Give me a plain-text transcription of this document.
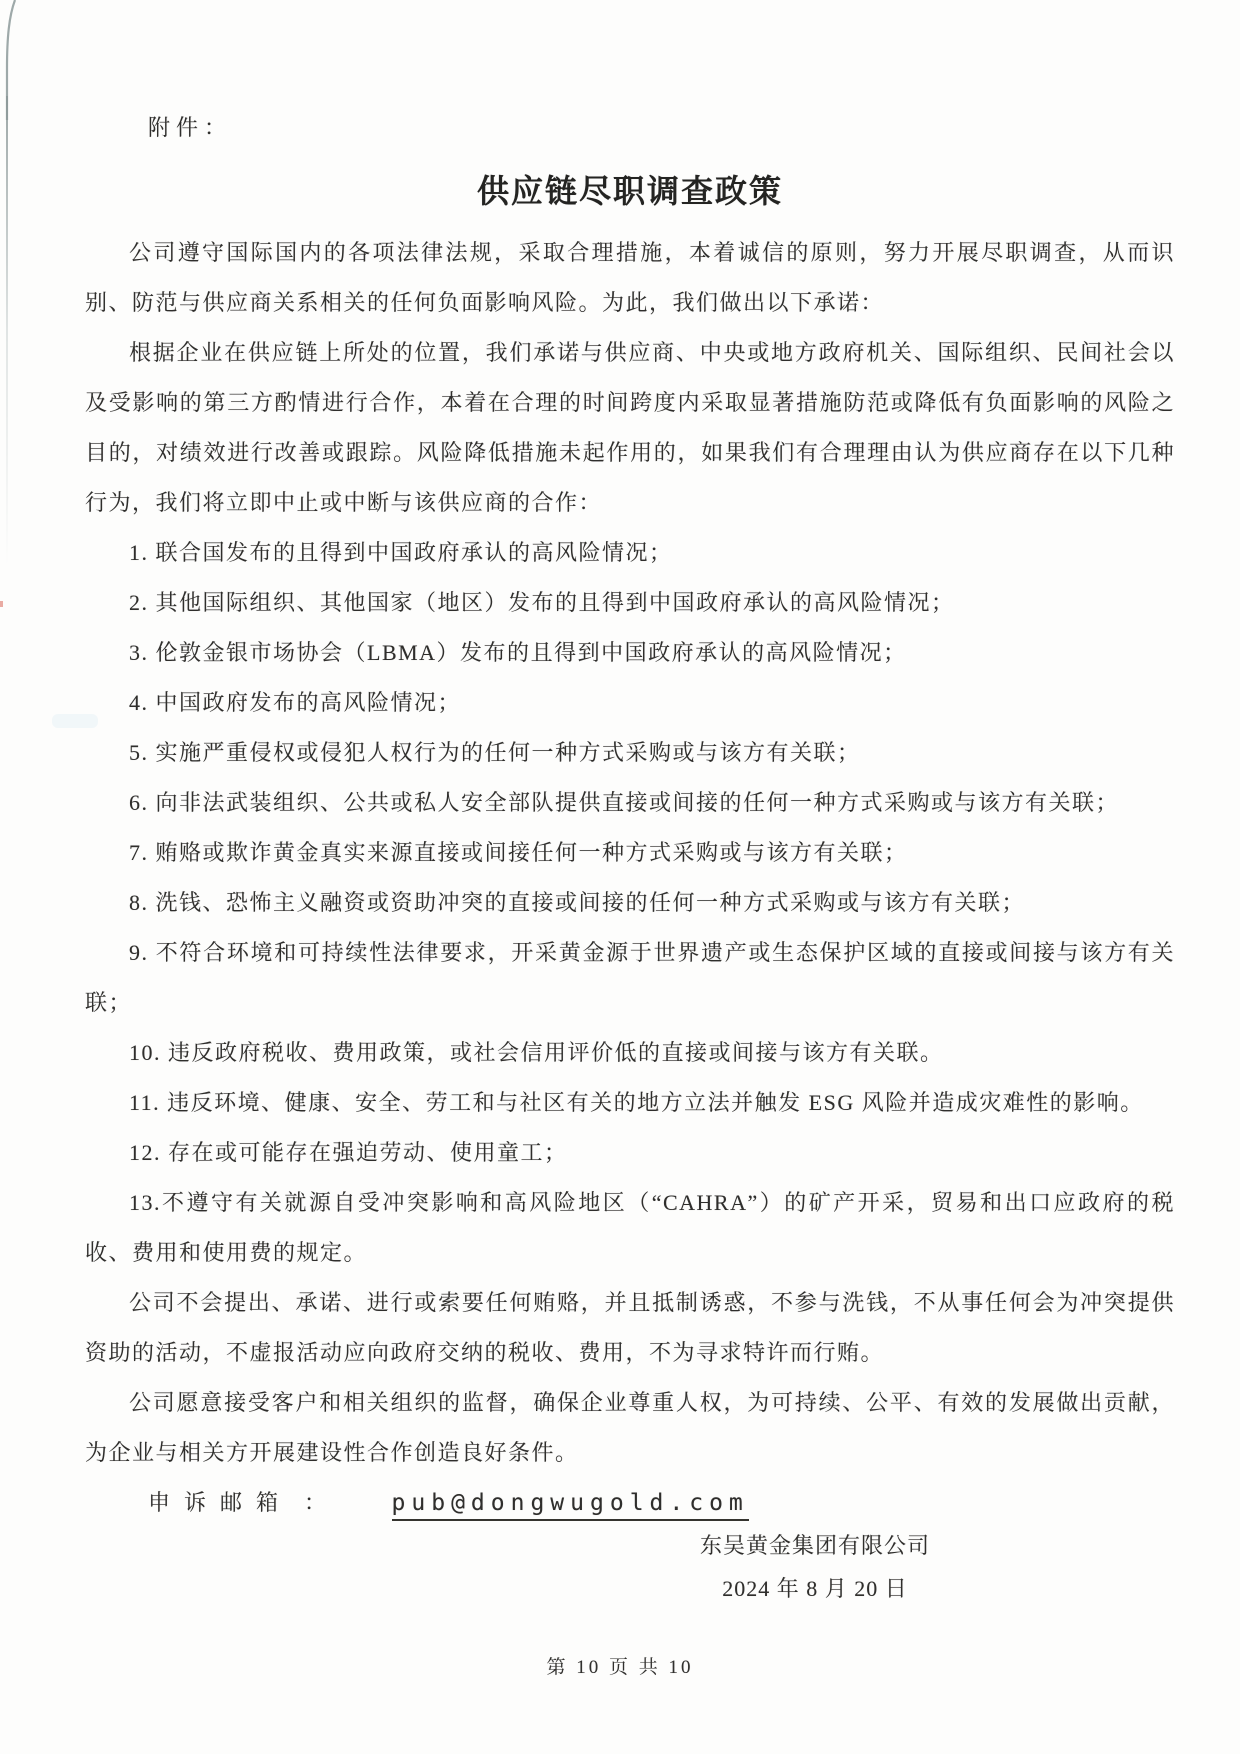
附件：
供应链尽职调查政策

公司遵守国际国内的各项法律法规，采取合理措施，本着诚信的原则，努力开展尽职调查，从而识别、防范与供应商关系相关的任何负面影响风险。为此，我们做出以下承诺：

根据企业在供应链上所处的位置，我们承诺与供应商、中央或地方政府机关、国际组织、民间社会以及受影响的第三方酌情进行合作，本着在合理的时间跨度内采取显著措施防范或降低有负面影响的风险之目的，对绩效进行改善或跟踪。风险降低措施未起作用的，如果我们有合理理由认为供应商存在以下几种行为，我们将立即中止或中断与该供应商的合作：

1. 联合国发布的且得到中国政府承认的高风险情况；

2. 其他国际组织、其他国家（地区）发布的且得到中国政府承认的高风险情况；

3. 伦敦金银市场协会（LBMA）发布的且得到中国政府承认的高风险情况；

4. 中国政府发布的高风险情况；

5. 实施严重侵权或侵犯人权行为的任何一种方式采购或与该方有关联；

6. 向非法武装组织、公共或私人安全部队提供直接或间接的任何一种方式采购或与该方有关联；

7. 贿赂或欺诈黄金真实来源直接或间接任何一种方式采购或与该方有关联；

8. 洗钱、恐怖主义融资或资助冲突的直接或间接的任何一种方式采购或与该方有关联；

9. 不符合环境和可持续性法律要求，开采黄金源于世界遗产或生态保护区域的直接或间接与该方有关联；

10. 违反政府税收、费用政策，或社会信用评价低的直接或间接与该方有关联。

11. 违反环境、健康、安全、劳工和与社区有关的地方立法并触发 ESG 风险并造成灾难性的影响。

12. 存在或可能存在强迫劳动、使用童工；

13.不遵守有关就源自受冲突影响和高风险地区（“CAHRA”）的矿产开采，贸易和出口应政府的税收、费用和使用费的规定。

公司不会提出、承诺、进行或索要任何贿赂，并且抵制诱惑，不参与洗钱，不从事任何会为冲突提供资助的活动，不虚报活动应向政府交纳的税收、费用，不为寻求特许而行贿。

公司愿意接受客户和相关组织的监督，确保企业尊重人权，为可持续、公平、有效的发展做出贡献，为企业与相关方开展建设性合作创造良好条件。

申诉邮箱 ：	pub@dongwugold.com
东吴黄金集团有限公司
2024 年 8 月 20 日
第 10 页 共 10
